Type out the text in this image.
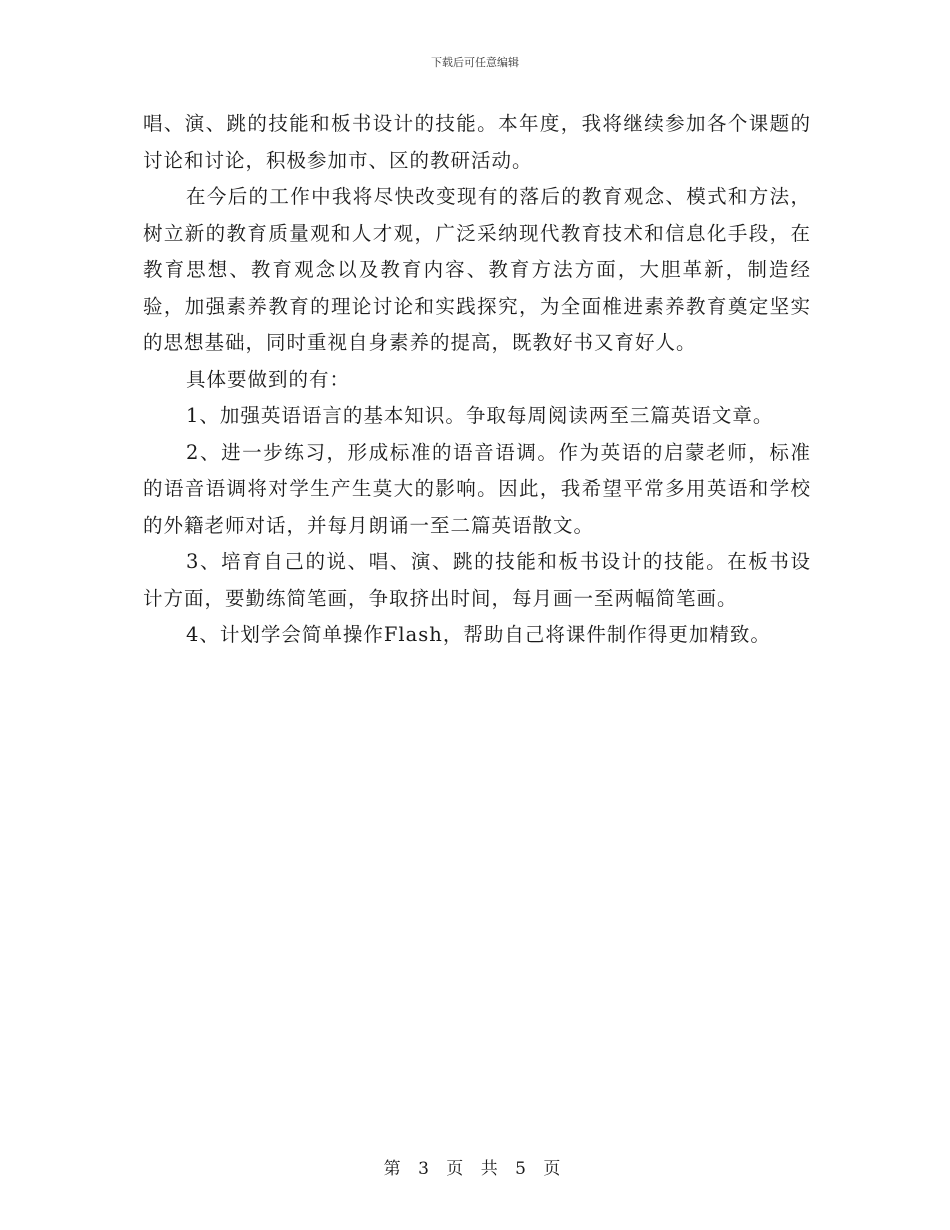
下载后可任意编辑

唱、演、跳的技能和板书设计的技能。本年度，我将继续参加各个课题的讨论和讨论，积极参加市、区的教研活动。

在今后的工作中我将尽快改变现有的落后的教育观念、模式和方法，树立新的教育质量观和人才观，广泛采纳现代教育技术和信息化手段，在教育思想、教育观念以及教育内容、教育方法方面，大胆革新，制造经验，加强素养教育的理论讨论和实践探究，为全面椎进素养教育奠定坚实的思想基础，同时重视自身素养的提高，既教好书又育好人。

具体要做到的有：

1、加强英语语言的基本知识。争取每周阅读两至三篇英语文章。

2、进一步练习，形成标准的语音语调。作为英语的启蒙老师，标准的语音语调将对学生产生莫大的影响。因此，我希望平常多用英语和学校的外籍老师对话，并每月朗诵一至二篇英语散文。

3、培育自己的说、唱、演、跳的技能和板书设计的技能。在板书设计方面，要勤练简笔画，争取挤出时间，每月画一至两幅简笔画。

4、计划学会简单操作Flash，帮助自己将课件制作得更加精致。

第 3 页 共 5 页
